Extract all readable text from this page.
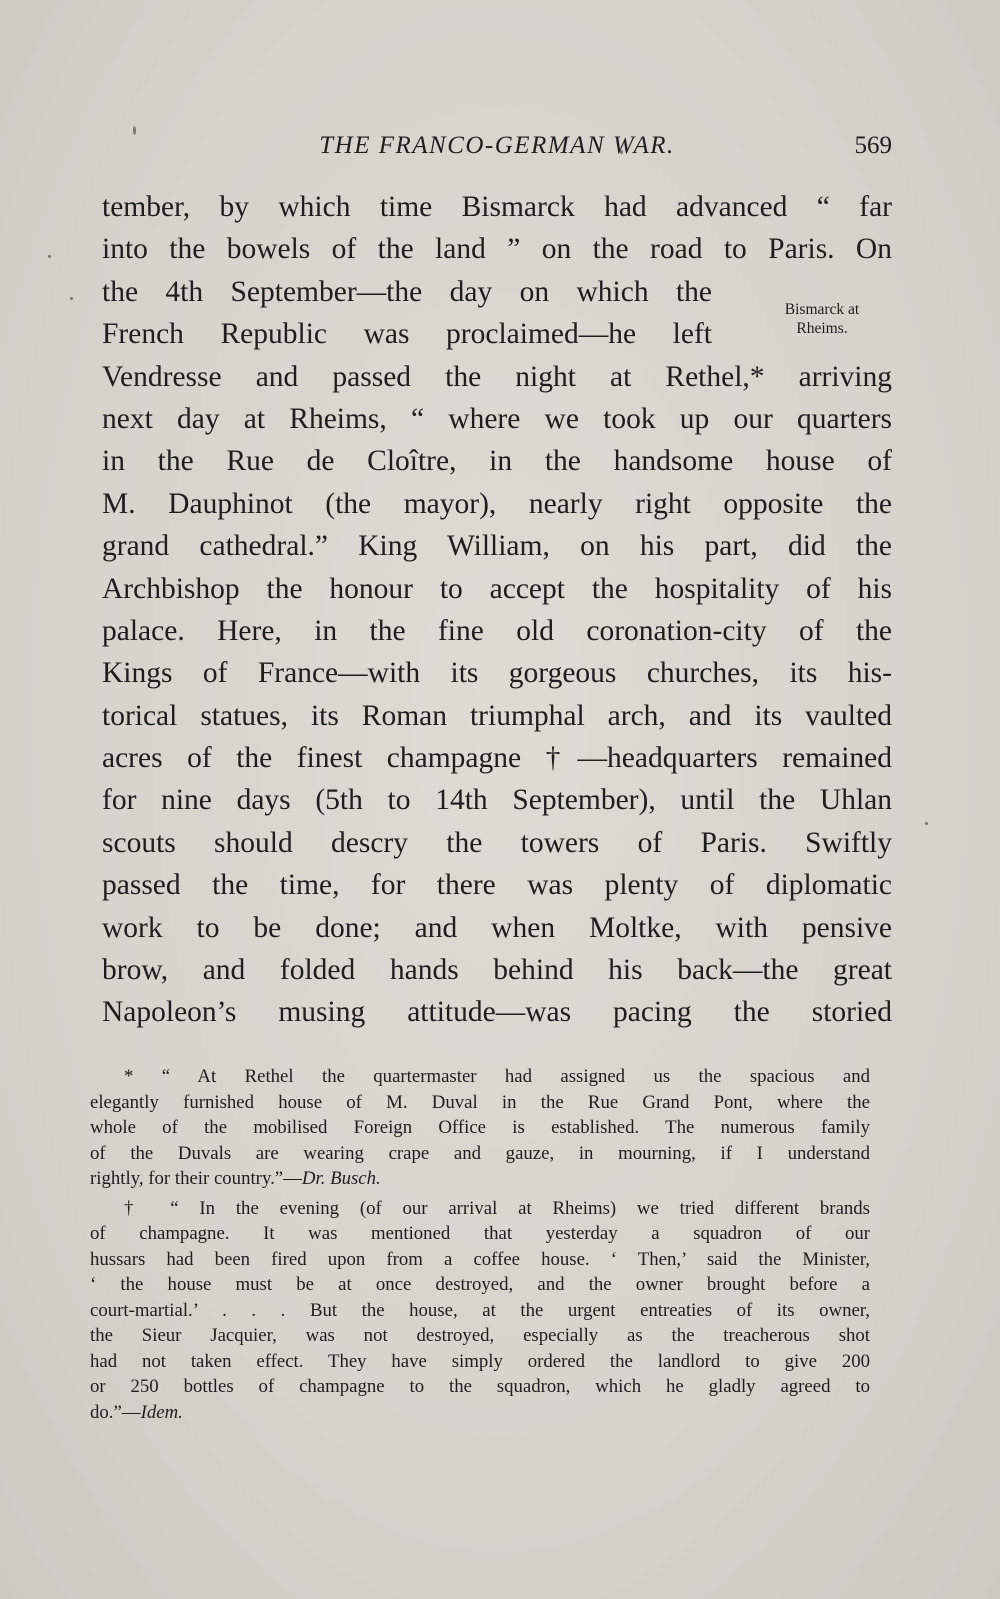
THE FRANCO-GERMAN WAR.	569
Bismarck at
Rheims.
tember, by which time Bismarck had advanced “ far
into the bowels of the land ” on the road to Paris. On
the 4th September—the day on which the
French Republic was proclaimed—he left
Vendresse and passed the night at Rethel,* arriving
next day at Rheims, “ where we took up our quarters
in the Rue de Cloître, in the handsome house of
M. Dauphinot (the mayor), nearly right opposite the
grand cathedral.” King William, on his part, did the
Archbishop the honour to accept the hospitality of his
palace. Here, in the fine old coronation-city of the
Kings of France—with its gorgeous churches, its his-
torical statues, its Roman triumphal arch, and its vaulted
acres of the finest champagne †—headquarters remained
for nine days (5th to 14th September), until the Uhlan
scouts should descry the towers of Paris. Swiftly
passed the time, for there was plenty of diplomatic
work to be done; and when Moltke, with pensive
brow, and folded hands behind his back—the great
Napoleon’s musing attitude—was pacing the storied
* “ At Rethel the quartermaster had assigned us the spacious and
elegantly furnished house of M. Duval in the Rue Grand Pont, where the
whole of the mobilised Foreign Office is established. The numerous family
of the Duvals are wearing crape and gauze, in mourning, if I understand
rightly, for their country.”—Dr. Busch.
† “ In the evening (of our arrival at Rheims) we tried different brands
of champagne. It was mentioned that yesterday a squadron of our
hussars had been fired upon from a coffee house. ‘ Then,’ said the Minister,
‘ the house must be at once destroyed, and the owner brought before a
court-martial.’ . . . But the house, at the urgent entreaties of its owner,
the Sieur Jacquier, was not destroyed, especially as the treacherous shot
had not taken effect. They have simply ordered the landlord to give 200
or 250 bottles of champagne to the squadron, which he gladly agreed to
do.”—Idem.
